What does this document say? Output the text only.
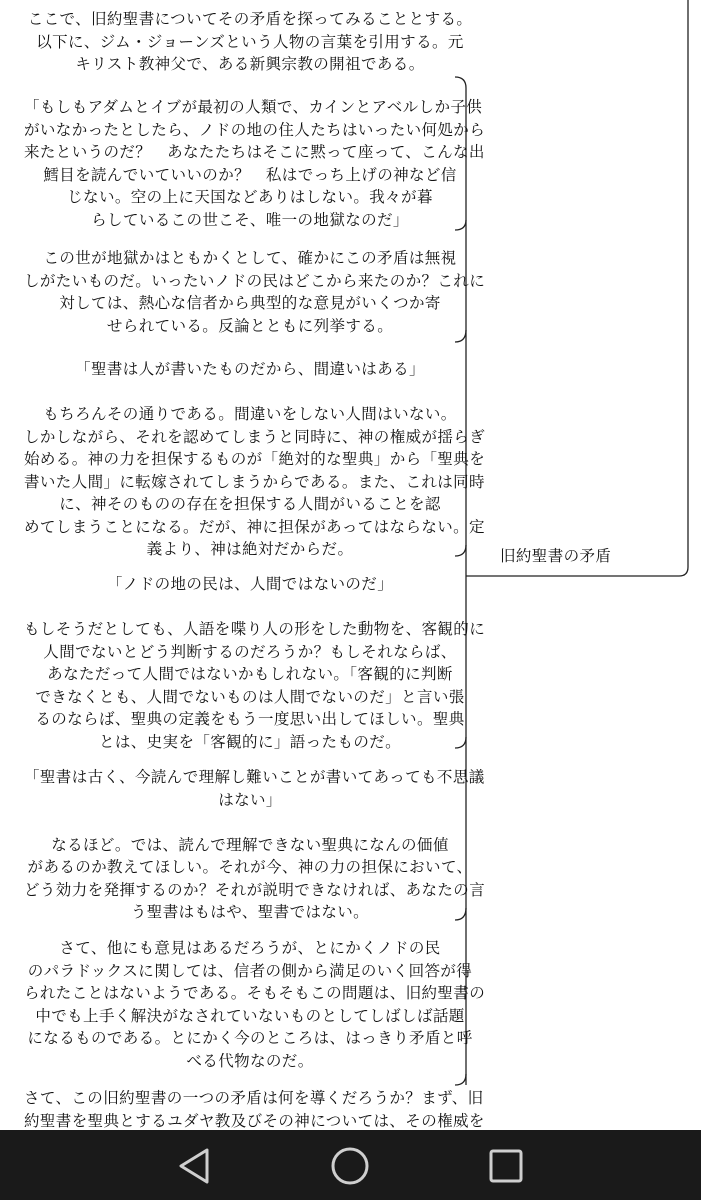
ここで、旧約聖書についてその矛盾を探ってみることとする。
以下に、ジム・ジョーンズという人物の言葉を引用する。元
キリスト教神父で、ある新興宗教の開祖である。
「もしもアダムとイブが最初の人類で、カインとアベルしか子供
がいなかったとしたら、ノドの地の住人たちはいったい何処から
来たというのだ？　あなたたちはそこに黙って座って、こんな出
鱈目を読んでいていいのか？　私はでっち上げの神など信
じない。空の上に天国などありはしない。我々が暮
らしているこの世こそ、唯一の地獄なのだ」
この世が地獄かはともかくとして、確かにこの矛盾は無視
しがたいものだ。いったいノドの民はどこから来たのか？これに
対しては、熱心な信者から典型的な意見がいくつか寄
せられている。反論とともに列挙する。
「聖書は人が書いたものだから、間違いはある」

もちろんその通りである。間違いをしない人間はいない。
しかしながら、それを認めてしまうと同時に、神の権威が揺らぎ
始める。神の力を担保するものが「絶対的な聖典」から「聖典を
書いた人間」に転嫁されてしまうからである。また、これは同時
に、神そのものの存在を担保する人間がいることを認
めてしまうことになる。だが、神に担保があってはならない。定
義より、神は絶対だからだ。
「ノドの地の民は、人間ではないのだ」

もしそうだとしても、人語を喋り人の形をした動物を、客観的に
人間でないとどう判断するのだろうか？もしそれならば、
あなただって人間ではないかもしれない。「客観的に判断
できなくとも、人間でないものは人間でないのだ」と言い張
るのならば、聖典の定義をもう一度思い出してほしい。聖典
とは、史実を「客観的に」語ったものだ。
「聖書は古く、今読んで理解し難いことが書いてあっても不思議
はない」

なるほど。では、読んで理解できない聖典になんの価値
があるのか教えてほしい。それが今、神の力の担保において、
どう効力を発揮するのか？それが説明できなければ、あなたの言
う聖書はもはや、聖書ではない。
さて、他にも意見はあるだろうが、とにかくノドの民
のパラドックスに関しては、信者の側から満足のいく回答が得
られたことはないようである。そもそもこの問題は、旧約聖書の
中でも上手く解決がなされていないものとしてしばしば話題
になるものである。とにかく今のところは、はっきり矛盾と呼
べる代物なのだ。
さて、この旧約聖書の一つの矛盾は何を導くだろうか？まず、旧
約聖書を聖典とするユダヤ教及びその神については、その権威を
旧約聖書の矛盾
